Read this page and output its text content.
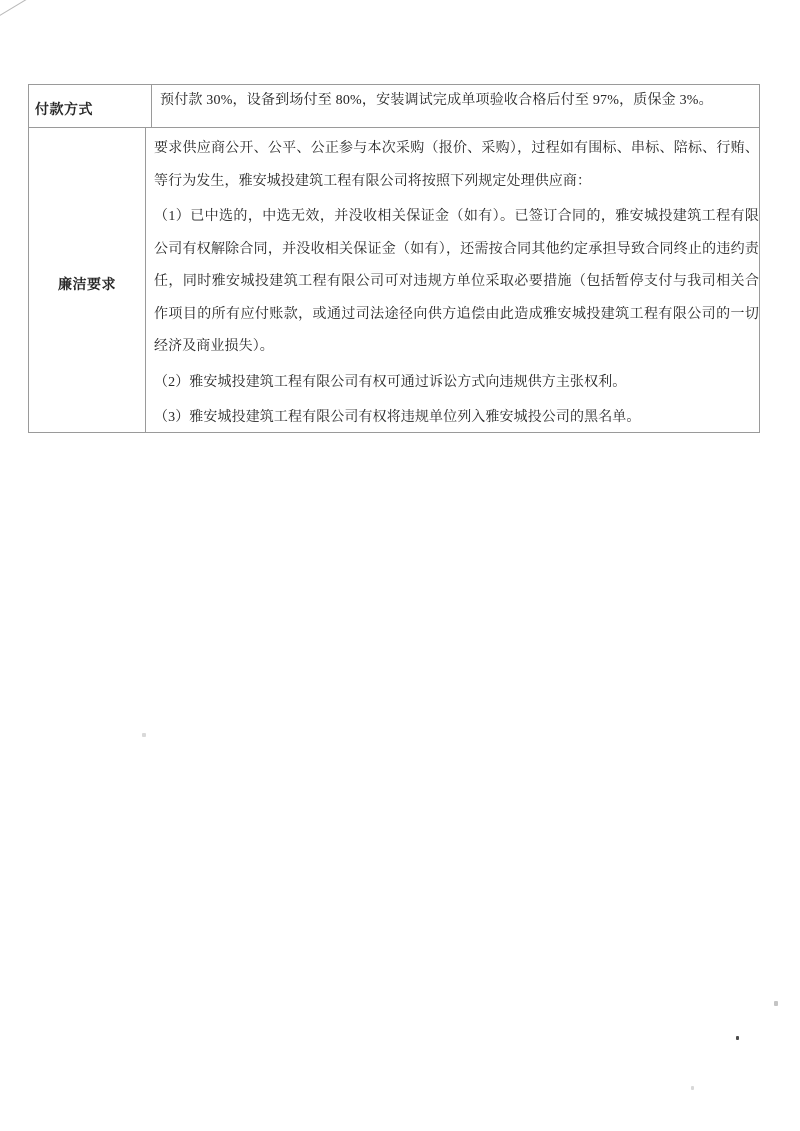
付款方式
预付款 30%，设备到场付至 80%，安装调试完成单项验收合格后付至 97%，质保金 3%。
廉洁要求

要求供应商公开、公平、公正参与本次采购（报价、采购），过程如有围标、串标、陪标、行贿、等行为发生，雅安城投建筑工程有限公司将按照下列规定处理供应商：

（1）已中选的，中选无效，并没收相关保证金（如有）。已签订合同的，雅安城投建筑工程有限公司有权解除合同，并没收相关保证金（如有），还需按合同其他约定承担导致合同终止的违约责任，同时雅安城投建筑工程有限公司可对违规方单位采取必要措施（包括暂停支付与我司相关合作项目的所有应付账款，或通过司法途径向供方追偿由此造成雅安城投建筑工程有限公司的一切经济及商业损失）。

（2）雅安城投建筑工程有限公司有权可通过诉讼方式向违规供方主张权利。

（3）雅安城投建筑工程有限公司有权将违规单位列入雅安城投公司的黑名单。
